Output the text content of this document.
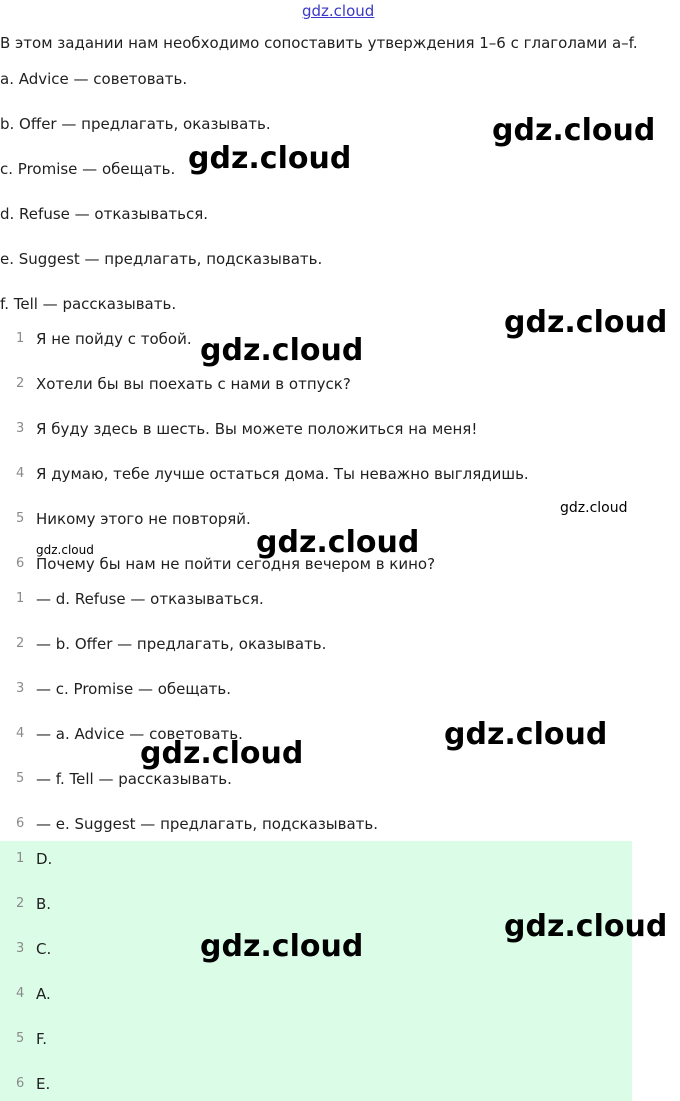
gdz.cloud
В этом задании нам необходимо сопоставить утверждения 1–6 с глаголами a–f.
a. Advice — советовать.
b. Offer — предлагать, оказывать.
c. Promise — обещать.
d. Refuse — отказываться.
e. Suggest — предлагать, подсказывать.
f. Tell — рассказывать.
1 Я не пойду с тобой.
2 Хотели бы вы поехать с нами в отпуск?
3 Я буду здесь в шесть. Вы можете положиться на меня!
4 Я думаю, тебе лучше остаться дома. Ты неважно выглядишь.
5 Никому этого не повторяй.
6 Почему бы нам не пойти сегодня вечером в кино?
1 — d. Refuse — отказываться.
2 — b. Offer — предлагать, оказывать.
3 — c. Promise — обещать.
4 — a. Advice — советовать.
5 — f. Tell — рассказывать.
6 — e. Suggest — предлагать, подсказывать.
1 D.
2 B.
3 C.
4 A.
5 F.
6 E.
gdz.cloud
gdz.cloud
gdz.cloud
gdz.cloud
gdz.cloud
gdz.cloud
gdz.cloud
gdz.cloud
gdz.cloud
gdz.cloud
gdz.cloud
